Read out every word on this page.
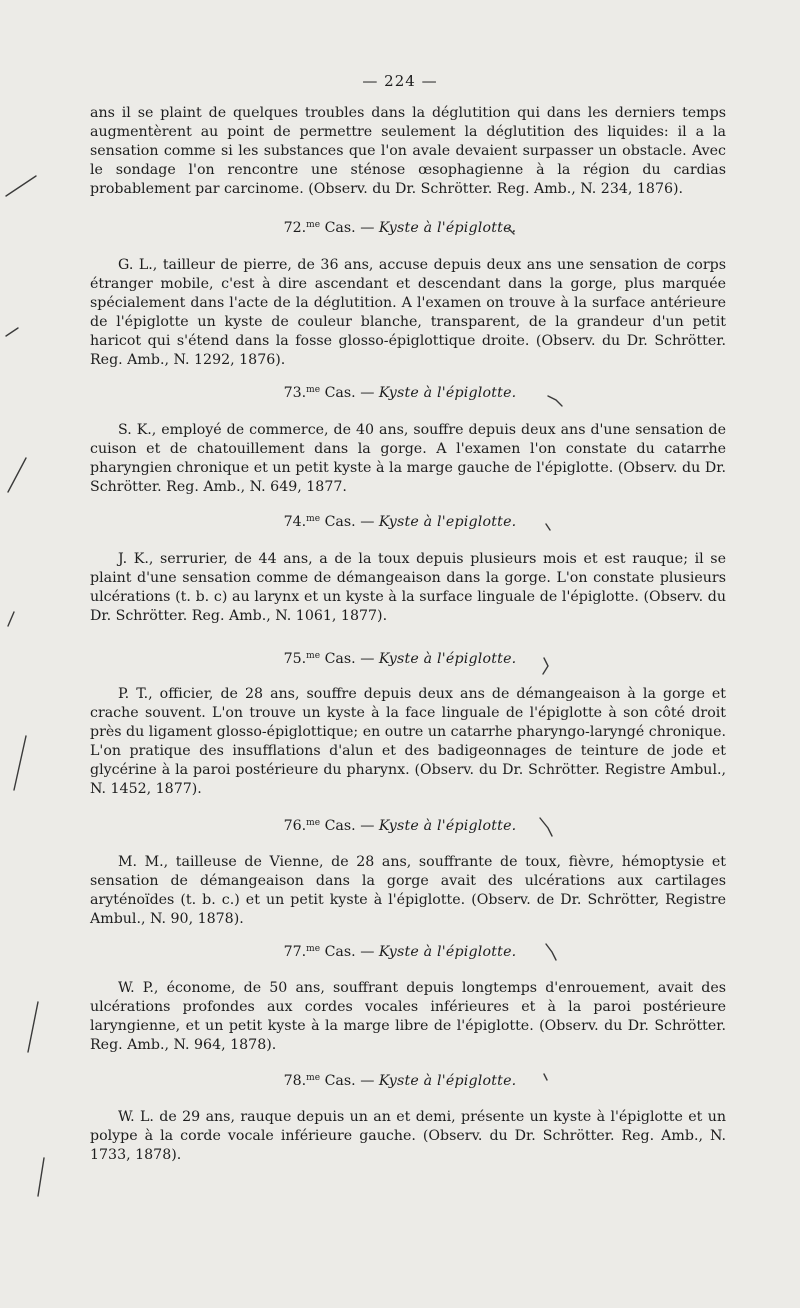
— 224 —

ans il se plaint de quelques troubles dans la déglutition qui dans les derniers temps augmentèrent au point de permettre seulement la déglutition des liquides: il a la sensation comme si les substances que l'on avale devaient surpasser un obstacle. Avec le sondage l'on rencontre une sténose œsophagienne à la région du cardias probablement par carcinome. (Observ. du Dr. Schrötter. Reg. Amb., N. 234, 1876).

72.$^{me}$ Cas. — Kyste à l'épiglotte.

G. L., tailleur de pierre, de 36 ans, accuse depuis deux ans une sensation de corps étranger mobile, c'est à dire ascendant et descendant dans la gorge, plus marquée spécialement dans l'acte de la déglutition. A l'examen on trouve à la surface antérieure de l'épiglotte un kyste de couleur blanche, transparent, de la grandeur d'un petit haricot qui s'étend dans la fosse glosso-épiglottique droite. (Observ. du Dr. Schrötter. Reg. Amb., N. 1292, 1876).

73.$^{me}$ Cas. — Kyste à l'épiglotte.

S. K., employé de commerce, de 40 ans, souffre depuis deux ans d'une sensation de cuison et de chatouillement dans la gorge. A l'examen l'on constate du catarrhe pharyngien chronique et un petit kyste à la marge gauche de l'épiglotte. (Observ. du Dr. Schrötter. Reg. Amb., N. 649, 1877.

74.$^{me}$ Cas. — Kyste à l'epiglotte.

J. K., serrurier, de 44 ans, a de la toux depuis plusieurs mois et est rauque; il se plaint d'une sensation comme de démangeaison dans la gorge. L'on constate plusieurs ulcérations (t. b. c) au larynx et un kyste à la surface linguale de l'épiglotte. (Observ. du Dr. Schrötter. Reg. Amb., N. 1061, 1877).

75.$^{me}$ Cas. — Kyste à l'épiglotte.

P. T., officier, de 28 ans, souffre depuis deux ans de démangeaison à la gorge et crache souvent. L'on trouve un kyste à la face linguale de l'épiglotte à son côté droit près du ligament glosso-épiglottique; en outre un catarrhe pharyngo-laryngé chronique. L'on pratique des insufflations d'alun et des badigeonnages de teinture de jode et glycérine à la paroi postérieure du pharynx. (Observ. du Dr. Schrötter. Registre Ambul., N. 1452, 1877).

76.$^{me}$ Cas. — Kyste à l'épiglotte.

M. M., tailleuse de Vienne, de 28 ans, souffrante de toux, fièvre, hémoptysie et sensation de démangeaison dans la gorge avait des ulcérations aux cartilages aryténoïdes (t. b. c.) et un petit kyste à l'épiglotte. (Observ. de Dr. Schrötter, Registre Ambul., N. 90, 1878).

77.$^{me}$ Cas. — Kyste à l'épiglotte.

W. P., économe, de 50 ans, souffrant depuis longtemps d'enrouement, avait des ulcérations profondes aux cordes vocales inférieures et à la paroi postérieure laryngienne, et un petit kyste à la marge libre de l'épiglotte. (Observ. du Dr. Schrötter. Reg. Amb., N. 964, 1878).

78.$^{me}$ Cas. — Kyste à l'épiglotte.

W. L. de 29 ans, rauque depuis un an et demi, présente un kyste à l'épiglotte et un polype à la corde vocale inférieure gauche. (Observ. du Dr. Schrötter. Reg. Amb., N. 1733, 1878).
